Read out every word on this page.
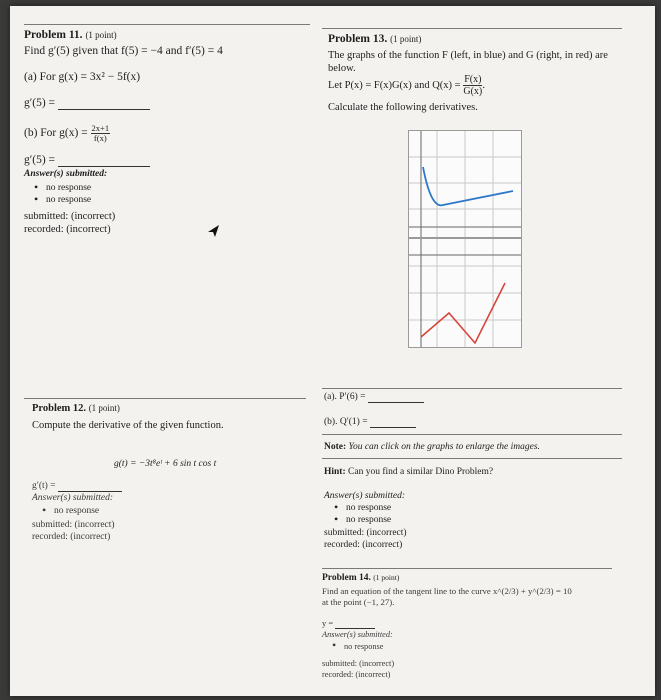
Problem 11. (1 point)
Find g′(5) given that f(5) = −4 and f′(5) = 4
(a) For g(x) = 3x² − 5f(x)
g′(5) =
(b) For $g(x) = \frac{2x+1}{f(x)}$
g′(5) =
Answer(s) submitted:
• no response
• no response
submitted: (incorrect)
recorded: (incorrect)
Problem 12. (1 point)
Compute the derivative of the given function.
g(t) = −3t⁸eᵗ + 6 sin t cos t
g′(t) =
Answer(s) submitted:
• no response
submitted: (incorrect)
recorded: (incorrect)
Problem 13. (1 point)
The graphs of the function F (left, in blue) and G (right, in red) are below.
Let P(x) = F(x)G(x) and $Q(x) = \frac{F(x)}{G(x)}$ .
Calculate the following derivatives.
(a). P′(6) =
(b). Q′(1) =
Note: You can click on the graphs to enlarge the images.
Hint: Can you find a similar Dino Problem?
Answer(s) submitted:
• no response
• no response
submitted: (incorrect)
recorded: (incorrect)
Problem 14. (1 point)
Find an equation of the tangent line to the curve x^(2/3) + y^(2/3) = 10
at the point (−1, 27).
y =
Answer(s) submitted:
• no response
submitted: (incorrect)
recorded: (incorrect)
